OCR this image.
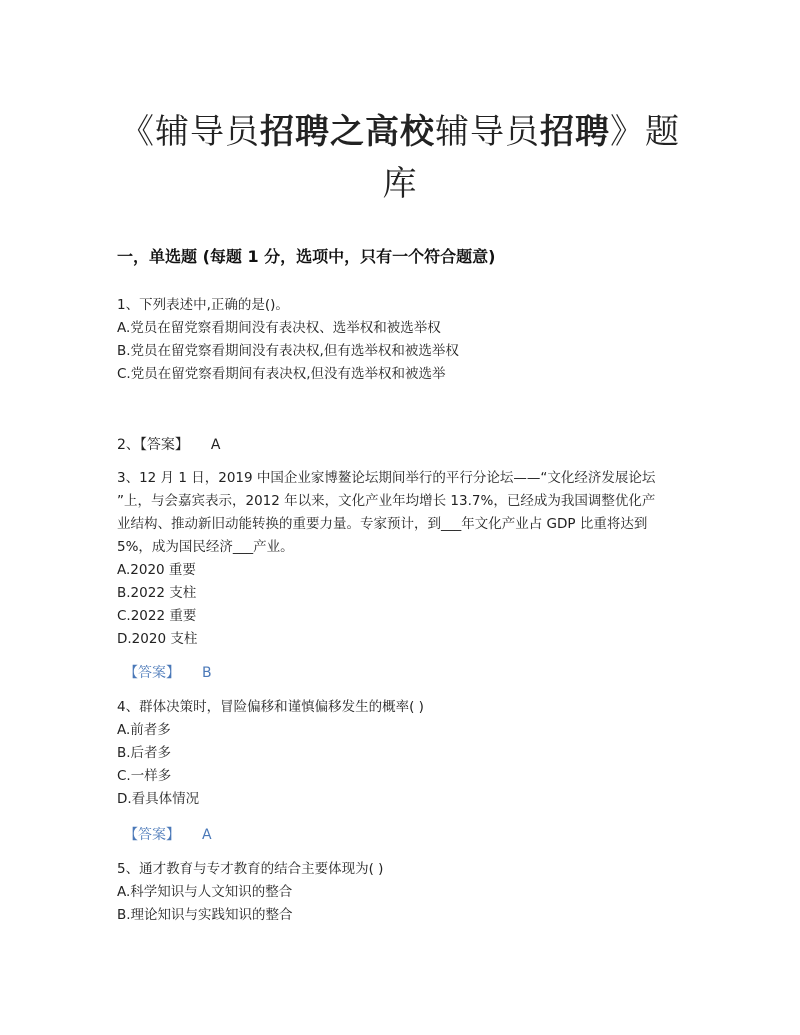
《辅导员招聘之高校辅导员招聘》题
库
一，单选题 (每题 1 分，选项中，只有一个符合题意)
1、下列表述中,正确的是()。
A.党员在留党察看期间没有表决权、选举权和被选举权
B.党员在留党察看期间没有表决权,但有选举权和被选举权
C.党员在留党察看期间有表决权,但没有选举权和被选举
2、【答案】 A
3、12 月 1 日，2019 中国企业家博鳌论坛期间举行的平行分论坛——“文化经济发展论坛
”上，与会嘉宾表示，2012 年以来，文化产业年均增长 13.7%，已经成为我国调整优化产
业结构、推动新旧动能转换的重要力量。专家预计，到___年文化产业占 GDP 比重将达到
5%，成为国民经济___产业。
A.2020 重要
B.2022 支柱
C.2022 重要
D.2020 支柱
【答案】 B
4、群体决策时，冒险偏移和谨慎偏移发生的概率( )
A.前者多
B.后者多
C.一样多
D.看具体情况
【答案】 A
5、通才教育与专才教育的结合主要体现为( )
A.科学知识与人文知识的整合
B.理论知识与实践知识的整合
